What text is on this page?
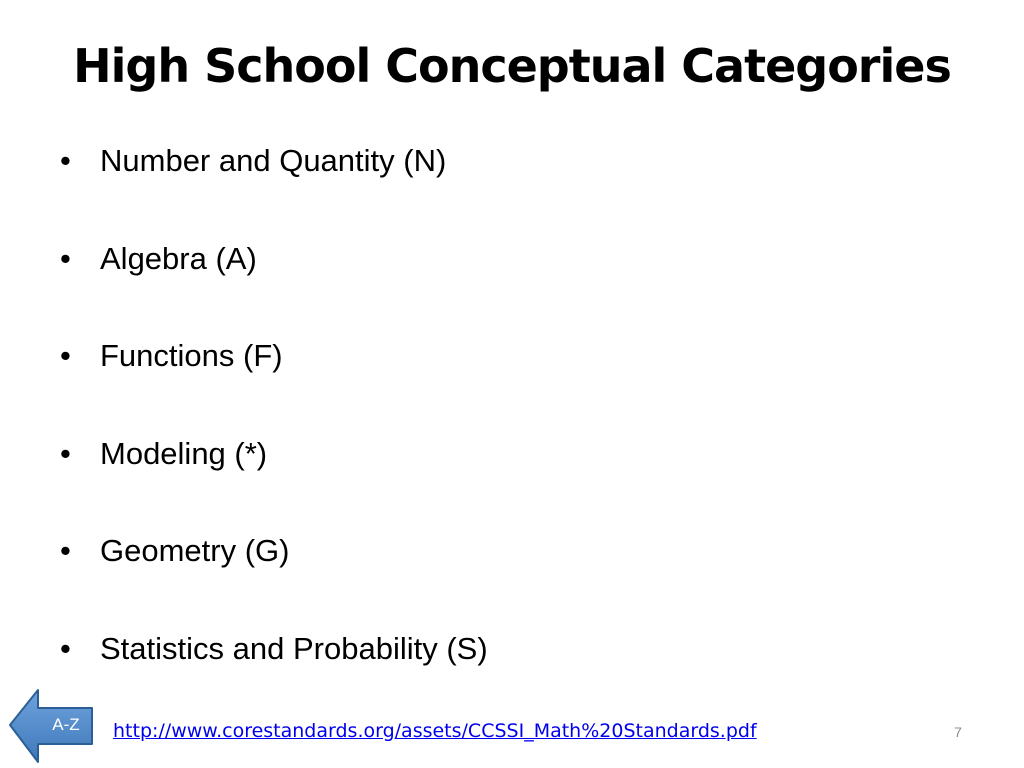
High School Conceptual Categories
• Number and Quantity (N)
• Algebra (A)
• Functions (F)
• Modeling (*)
• Geometry (G)
• Statistics and Probability (S)
A-Z	http://www.corestandards.org/assets/CCSSI_Math%20Standards.pdf	7
